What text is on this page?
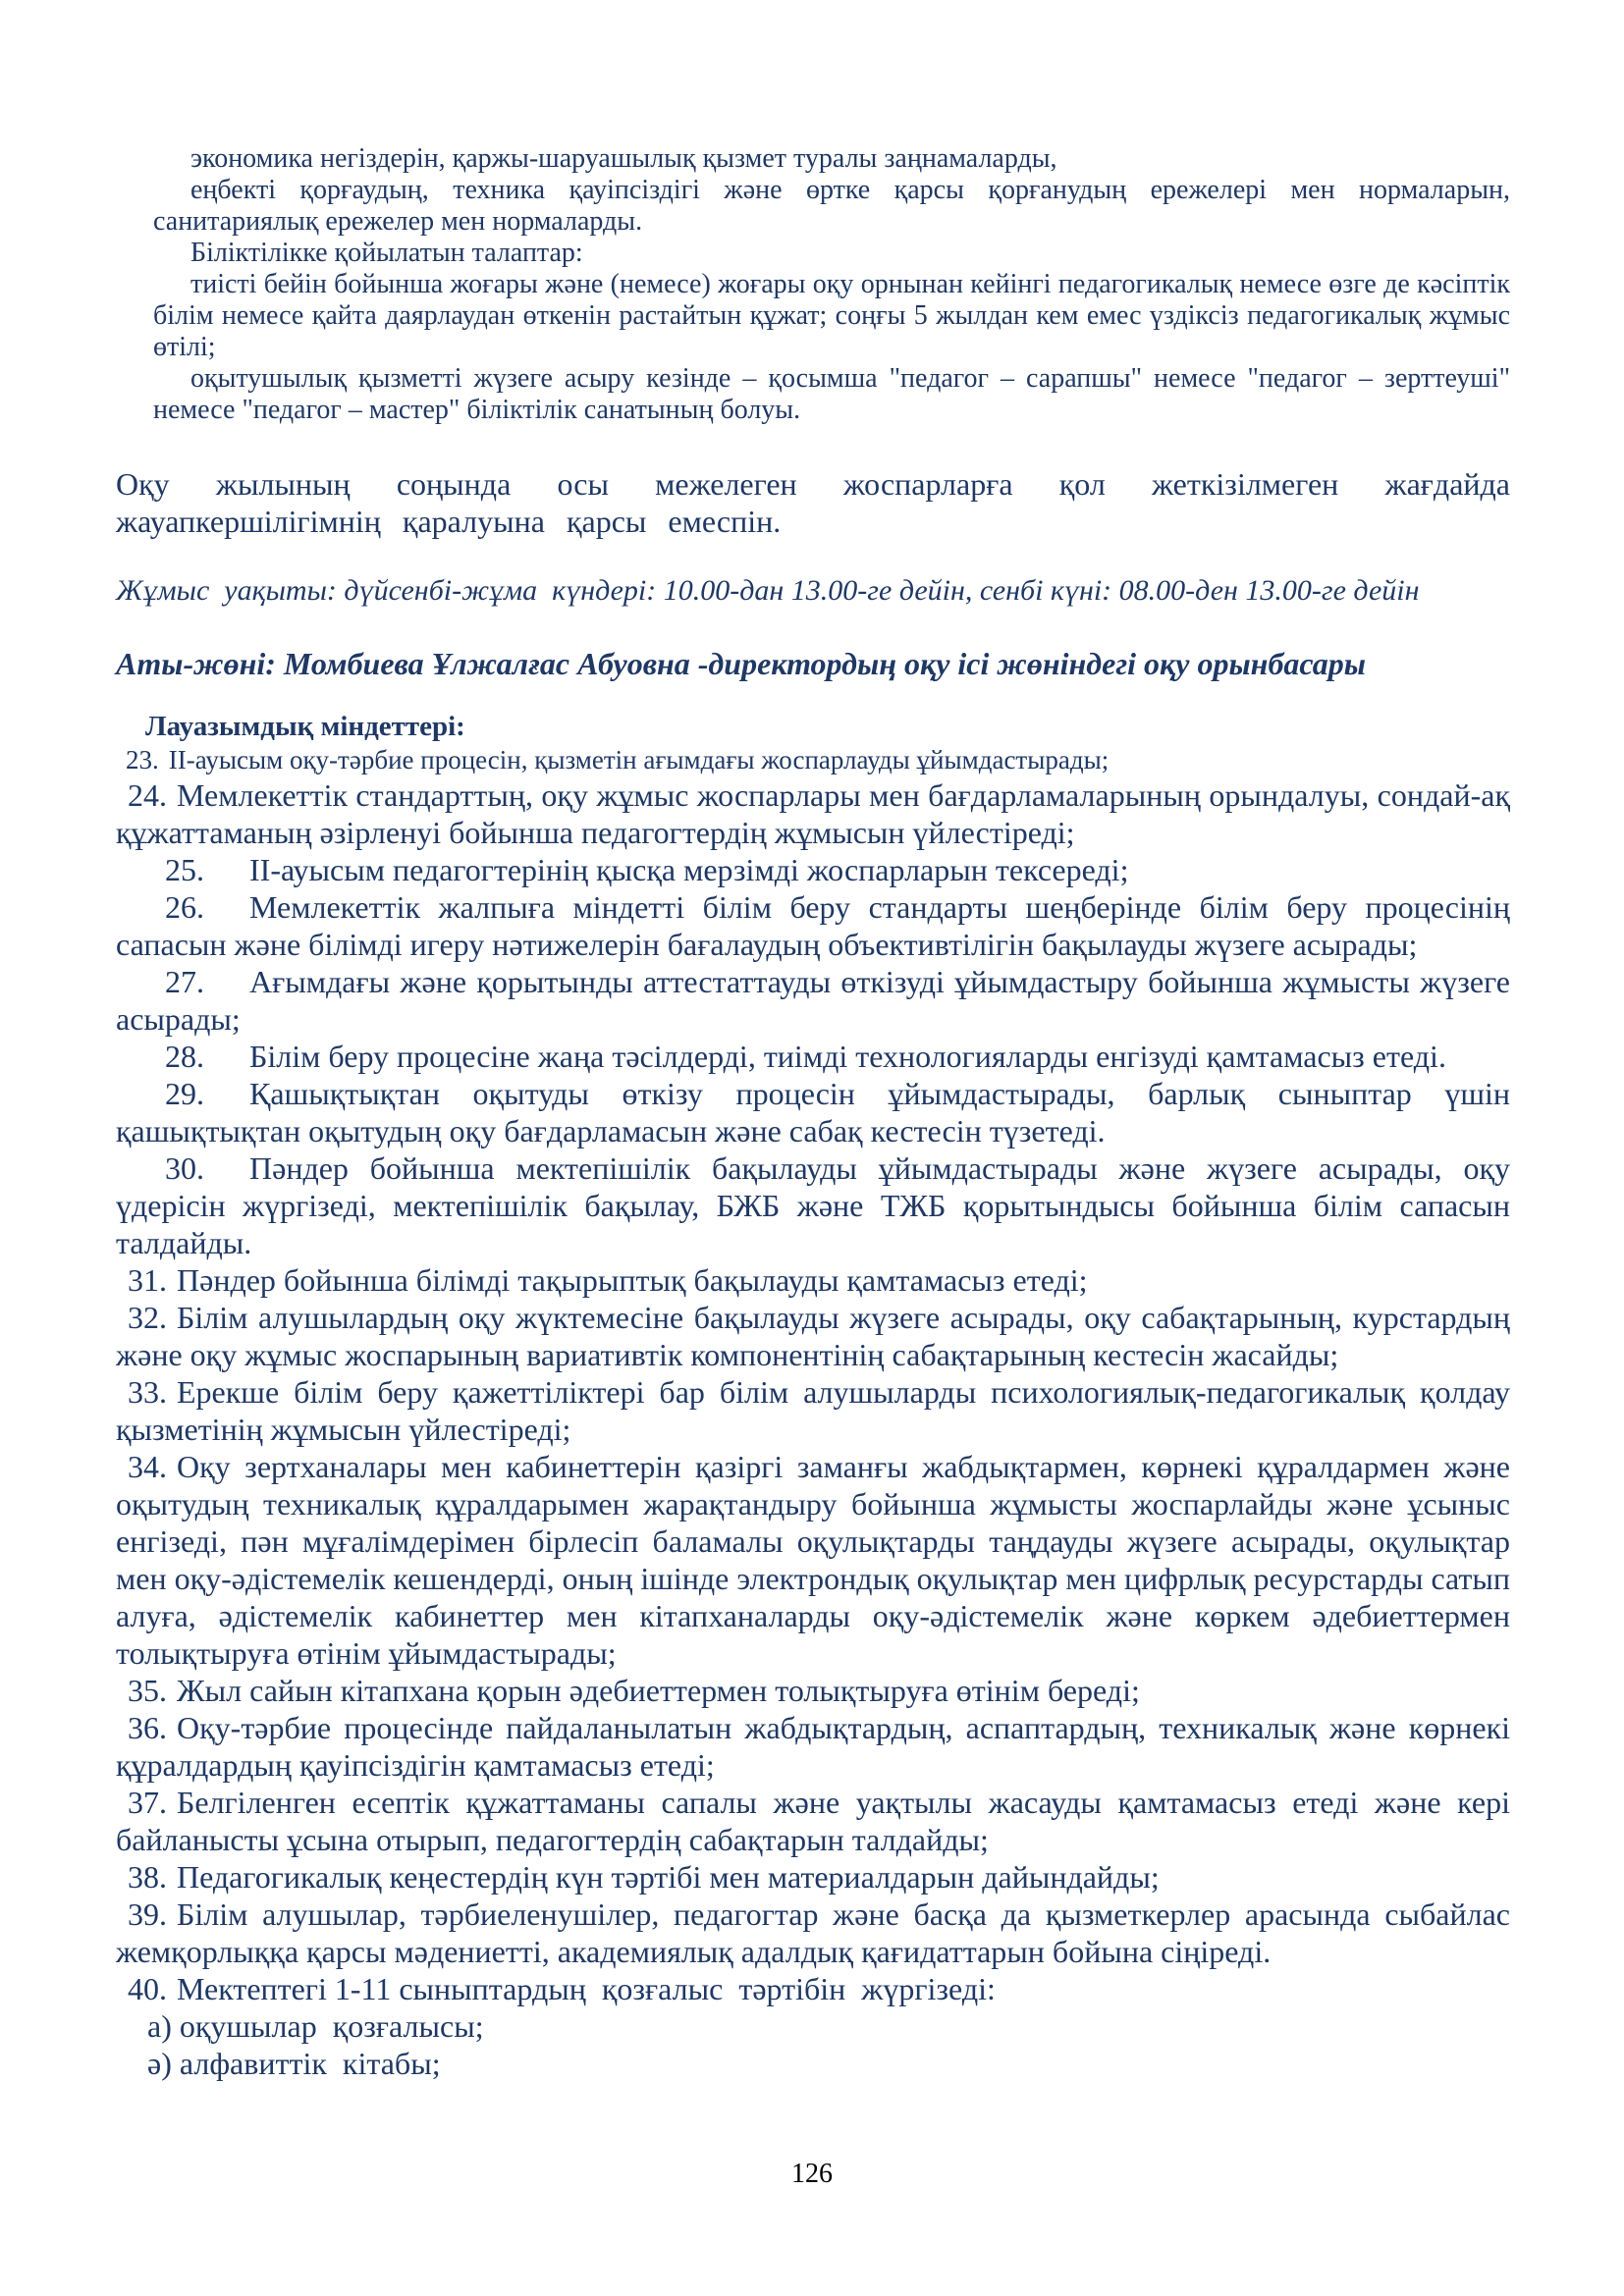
экономика негіздерін, қаржы-шаруашылық қызмет туралы заңнамаларды,

еңбекті қорғаудың, техника қауіпсіздігі және өртке қарсы қорғанудың ережелері мен нормаларын, санитариялық ережелер мен нормаларды.

Біліктілікке қойылатын талаптар:

тиісті бейін бойынша жоғары және (немесе) жоғары оқу орнынан кейінгі педагогикалық немесе өзге де кәсіптік білім немесе қайта даярлаудан өткенін растайтын құжат; соңғы 5 жылдан кем емес үздіксіз педагогикалық жұмыс өтілі;

оқытушылық қызметті жүзеге асыру кезінде – қосымша "педагог – сарапшы" немесе "педагог – зерттеуші" немесе "педагог – мастер" біліктілік санатының болуы.

Оқу жылының соңында осы межелеген жоспарларға қол жеткізілмеген жағдайда жауапкершілігімнің қаралуына қарсы емеспін.

Жұмыс  уақыты: дүйсенбі-жұма  күндері: 10.00-дан 13.00-ге дейін, сенбі күні: 08.00-ден 13.00-ге дейін

Аты-жөні: Момбиева Ұлжалғас Абуовна -директордың оқу ісі жөніндегі оқу орынбасары

Лауазымдық міндеттері:

23. II-ауысым оқу-тәрбие процесін, қызметін ағымдағы жоспарлауды ұйымдастырады;

24. Мемлекеттік стандарттың, оқу жұмыс жоспарлары мен бағдарламаларының орындалуы, сондай-ақ құжаттаманың әзірленуі бойынша педагогтердің жұмысын үйлестіреді;

25. II-ауысым педагогтерінің қысқа мерзімді жоспарларын тексереді;

26. Мемлекеттік жалпыға міндетті білім беру стандарты шеңберінде білім беру процесінің сапасын және білімді игеру нәтижелерін бағалаудың объективтілігін бақылауды жүзеге асырады;

27. Ағымдағы және қорытынды аттестаттауды өткізуді ұйымдастыру бойынша жұмысты жүзеге асырады;

28. Білім беру процесіне жаңа тәсілдерді, тиімді технологияларды енгізуді қамтамасыз етеді.

29. Қашықтықтан оқытуды өткізу процесін ұйымдастырады, барлық сыныптар үшін қашықтықтан оқытудың оқу бағдарламасын және сабақ кестесін түзетеді.

30. Пәндер бойынша мектепішілік бақылауды ұйымдастырады және жүзеге асырады, оқу үдерісін жүргізеді, мектепішілік бақылау, БЖБ және ТЖБ қорытындысы бойынша білім сапасын талдайды.

31. Пәндер бойынша білімді тақырыптық бақылауды қамтамасыз етеді;

32. Білім алушылардың оқу жүктемесіне бақылауды жүзеге асырады, оқу сабақтарының, курстардың және оқу жұмыс жоспарының вариативтік компонентінің сабақтарының кестесін жасайды;

33. Ерекше білім беру қажеттіліктері бар білім алушыларды психологиялық-педагогикалық қолдау қызметінің жұмысын үйлестіреді;

34. Оқу зертханалары мен кабинеттерін қазіргі заманғы жабдықтармен, көрнекі құралдармен және оқытудың техникалық құралдарымен жарақтандыру бойынша жұмысты жоспарлайды және ұсыныс енгізеді, пән мұғалімдерімен бірлесіп баламалы оқулықтарды таңдауды жүзеге асырады, оқулықтар мен оқу-әдістемелік кешендерді, оның ішінде электрондық оқулықтар мен цифрлық ресурстарды сатып алуға, әдістемелік кабинеттер мен кітапханаларды оқу-әдістемелік және көркем әдебиеттермен толықтыруға өтінім ұйымдастырады;

35. Жыл сайын кітапхана қорын әдебиеттермен толықтыруға өтінім береді;

36. Оқу-тәрбие процесінде пайдаланылатын жабдықтардың, аспаптардың, техникалық және көрнекі құралдардың қауіпсіздігін қамтамасыз етеді;

37. Белгіленген есептік құжаттаманы сапалы және уақтылы жасауды қамтамасыз етеді және кері байланысты ұсына отырып, педагогтердің сабақтарын талдайды;

38. Педагогикалық кеңестердің күн тәртібі мен материалдарын дайындайды;

39. Білім алушылар, тәрбиеленушілер, педагогтар және басқа да қызметкерлер арасында сыбайлас жемқорлыққа қарсы мәдениетті, академиялық адалдық қағидаттарын бойына сіңіреді.

40. Мектептегі 1-11 сыныптардың  қозғалыс  тәртібін  жүргізеді:

а) оқушылар  қозғалысы;

ә) алфавиттік  кітабы;

126
